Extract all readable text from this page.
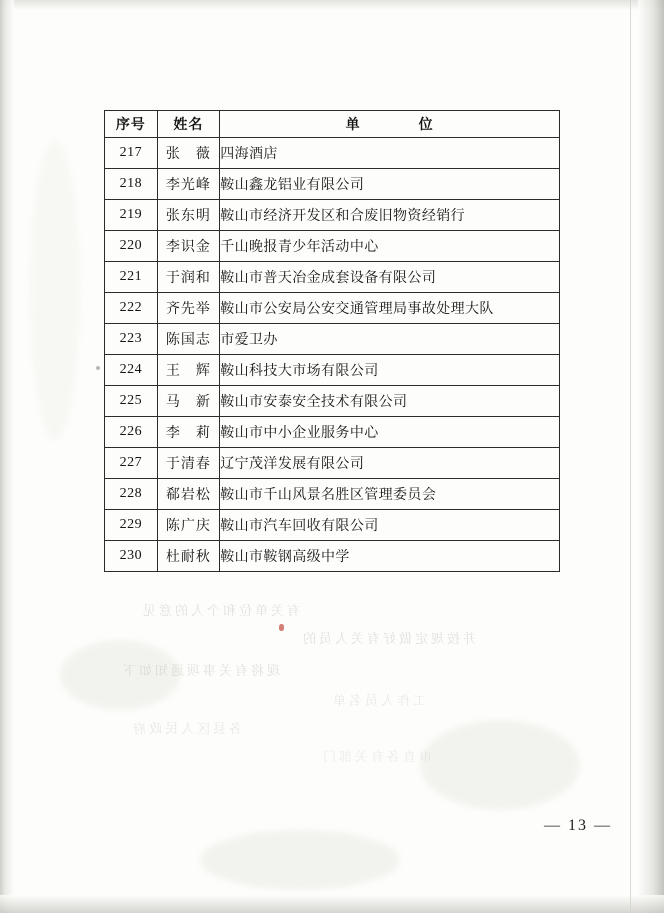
有关单位和个人的意见
并按规定做好有关人员的
现将有关事项通知如下
工作人员名单
各县区人民政府
市直各有关部门
序号	姓名	单 位

217	张　薇	四海酒店
218	李光峰	鞍山鑫龙铝业有限公司
219	张东明	鞍山市经济开发区和合废旧物资经销行
220	李识金	千山晚报青少年活动中心
221	于润和	鞍山市普天冶金成套设备有限公司
222	齐先举	鞍山市公安局公安交通管理局事故处理大队
223	陈国志	市爱卫办
224	王　辉	鞍山科技大市场有限公司
225	马　新	鞍山市安泰安全技术有限公司
226	李　莉	鞍山市中小企业服务中心
227	于清春	辽宁茂洋发展有限公司
228	郗岩松	鞍山市千山风景名胜区管理委员会
229	陈广庆	鞍山市汽车回收有限公司
230	杜耐秋	鞍山市鞍钢高级中学
— 13 —
